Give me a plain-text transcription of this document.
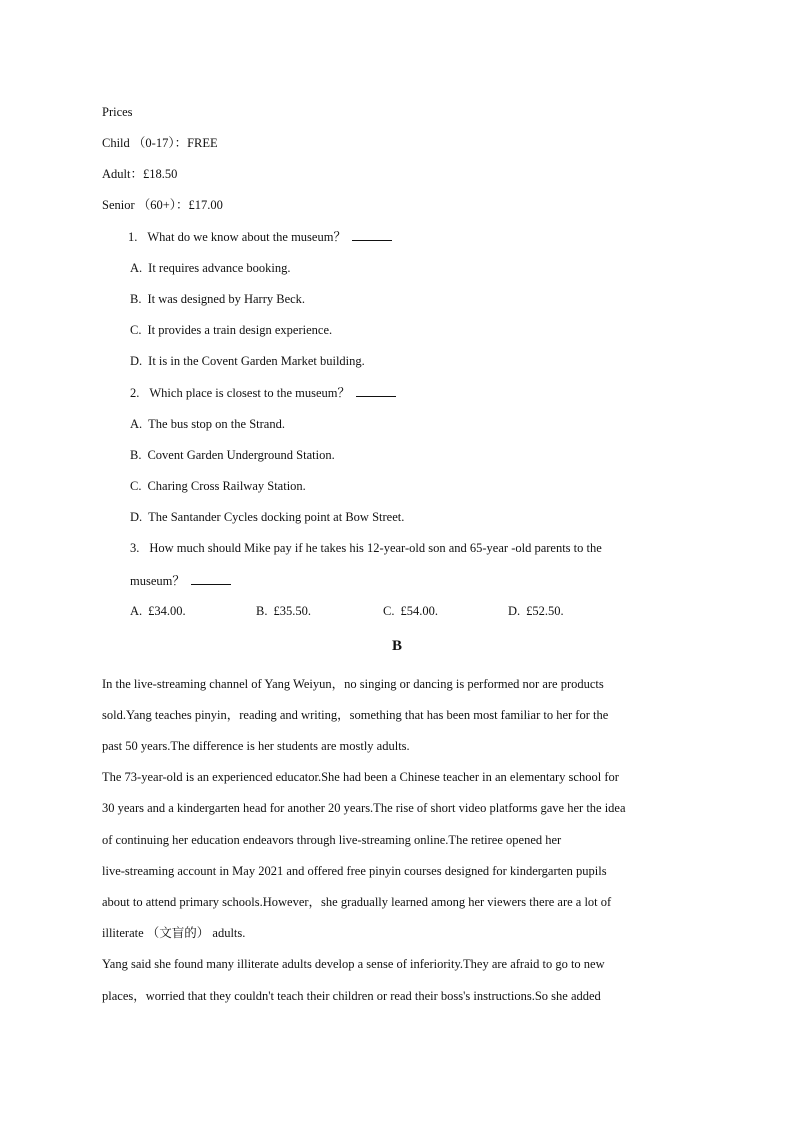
Prices
Child （0-17）：FREE
Adult：£18.50
Senior （60+）：£17.00
1. What do we know about the museum？
A. It requires advance booking.
B. It was designed by Harry Beck.
C. It provides a train design experience.
D. It is in the Covent Garden Market building.
2. Which place is closest to the museum？
A. The bus stop on the Strand.
B. Covent Garden Underground Station.
C. Charing Cross Railway Station.
D. The Santander Cycles docking point at Bow Street.
3. How much should Mike pay if he takes his 12-year-old son and 65-year -old parents to the
museum？
A. £34.00.	B. £35.50.	C. £54.00.	D. £52.50.
B
In the live-streaming channel of Yang Weiyun，no singing or dancing is performed nor are products
sold.Yang teaches pinyin，reading and writing，something that has been most familiar to her for the
past 50 years.The difference is her students are mostly adults.
The 73-year-old is an experienced educator.She had been a Chinese teacher in an elementary school for
30 years and a kindergarten head for another 20 years.The rise of short video platforms gave her the idea
of continuing her education endeavors through live-streaming online.The retiree opened her
live-streaming account in May 2021 and offered free pinyin courses designed for kindergarten pupils
about to attend primary schools.However，she gradually learned among her viewers there are a lot of
illiterate （文盲的） adults.
Yang said she found many illiterate adults develop a sense of inferiority.They are afraid to go to new
places，worried that they couldn't teach their children or read their boss's instructions.So she added
